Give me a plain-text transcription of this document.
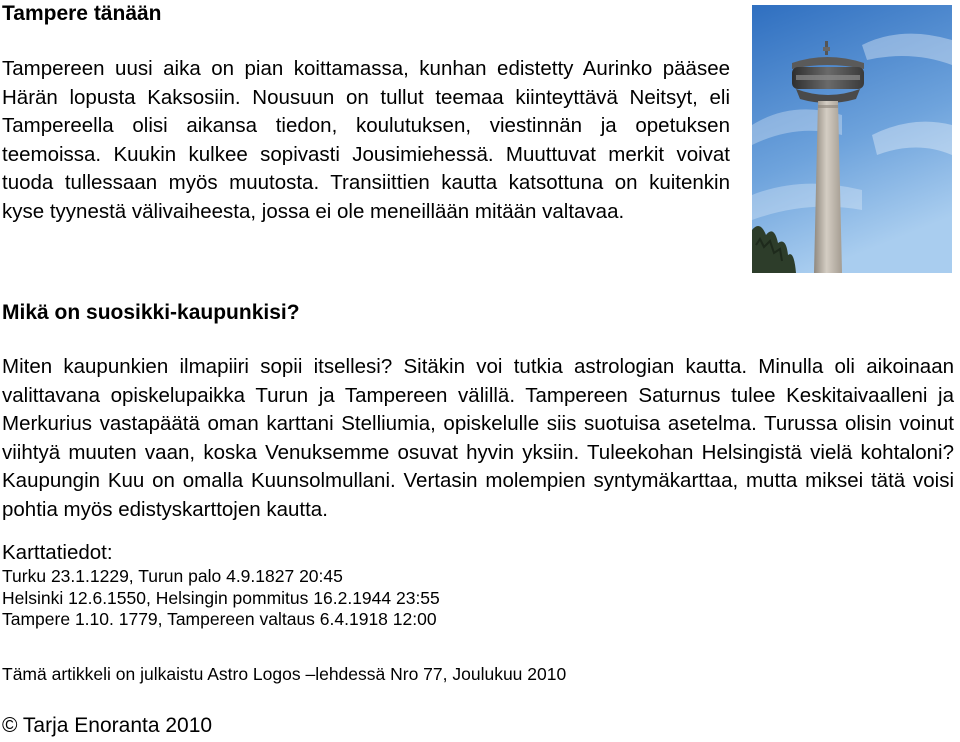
Tampere tänään

Tampereen uusi aika on pian koittamassa, kunhan edistetty Aurinko pääsee Härän lopusta Kaksosiin. Nousuun on tullut teemaa kiinteyttävä Neitsyt, eli Tampereella olisi aikansa tiedon, koulutuksen, viestinnän ja opetuksen teemoissa. Kuukin kulkee sopivasti Jousimiehessä. Muuttuvat merkit voivat tuoda tullessaan myös muutosta. Transiittien kautta katsottuna on kuitenkin kyse tyynestä välivaiheesta, jossa ei ole meneillään mitään valtavaa.

Mikä on suosikki-kaupunkisi?

Miten kaupunkien ilmapiiri sopii itsellesi? Sitäkin voi tutkia astrologian kautta. Minulla oli aikoinaan valittavana opiskelupaikka Turun ja Tampereen välillä. Tampereen Saturnus tulee Keskitaivaalleni ja Merkurius vastapäätä oman karttani Stelliumia, opiskelulle siis suotuisa asetelma. Turussa olisin voinut viihtyä muuten vaan, koska Venuksemme osuvat hyvin yksiin. Tuleekohan Helsingistä vielä kohtaloni? Kaupungin Kuu on omalla Kuunsolmullani. Vertasin molempien syntymäkarttaa, mutta miksei tätä voisi pohtia myös edistyskarttojen kautta.

Karttatiedot:

Turku 23.1.1229, Turun palo 4.9.1827 20:45
Helsinki 12.6.1550, Helsingin pommitus 16.2.1944 23:55
Tampere 1.10. 1779, Tampereen valtaus 6.4.1918 12:00

Tämä artikkeli on julkaistu Astro Logos –lehdessä Nro 77, Joulukuu 2010

© Tarja Enoranta 2010
